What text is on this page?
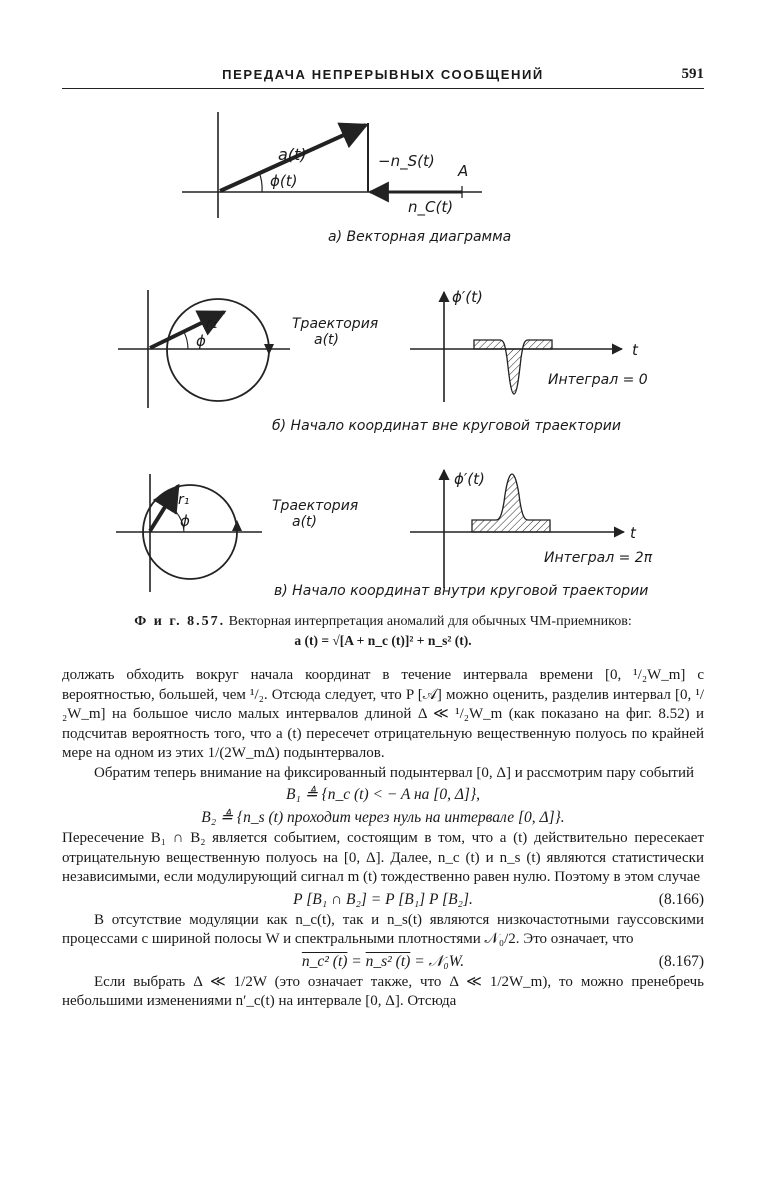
ПЕРЕДАЧА НЕПРЕРЫВНЫХ СООБЩЕНИЙ	591
a(t)
ϕ(t)
−n_S(t)
A
n_C(t)
r₁
ϕ
Траектория
a(t)
ϕ′(t)
t
Интеграл = 0
r₁
ϕ
Траектория
a(t)
ϕ′(t)
t
Интеграл = 2π
а) Векторная диаграмма
б) Начало координат вне круговой траектории
в) Начало координат внутри круговой траектории
Ф и г. 8.57. Векторная интерпретация аномалий для обычных ЧМ-приемников:
a (t) = √[A + n_c (t)]² + n_s² (t).

должать обходить вокруг начала координат в течение интервала времени [0, ¹/₂W_m] с вероятностью, большей, чем ¹/₂. Отсюда следует, что P [𝒜] можно оценить, разделив интервал [0, ¹/₂W_m] на большое число малых интервалов длиной Δ ≪ ¹/₂W_m (как показано на фиг. 8.52) и подсчитав вероятность того, что a (t) пересечет отрицательную вещественную полуось по крайней мере на одном из этих 1/(2W_mΔ) подынтервалов.

Обратим теперь внимание на фиксированный подынтервал [0, Δ] и рассмотрим пару событий

B₁ ≜ {n_c (t) < − A на [0, Δ]},
B₂ ≜ {n_s (t) проходит через нуль на интервале [0, Δ]}.

Пересечение B₁ ∩ B₂ является событием, состоящим в том, что a (t) действительно пересекает отрицательную вещественную полуось на [0, Δ]. Далее, n_c (t) и n_s (t) являются статистически независимыми, если модулирующий сигнал m (t) тождественно равен нулю. Поэтому в этом случае

P [B₁ ∩ B₂] = P [B₁] P [B₂].	(8.166)

В отсутствие модуляции как n_c(t), так и n_s(t) являются низкочастотными гауссовскими процессами с шириной полосы W и спектральными плотностями 𝒩₀/2. Это означает, что

n_c² (t) = n_s² (t) = 𝒩₀W.	(8.167)

Если выбрать Δ ≪ 1/2W (это означает также, что Δ ≪ 1/2W_m), то можно пренебречь небольшими изменениями n′_c(t) на интервале [0, Δ]. Отсюда
